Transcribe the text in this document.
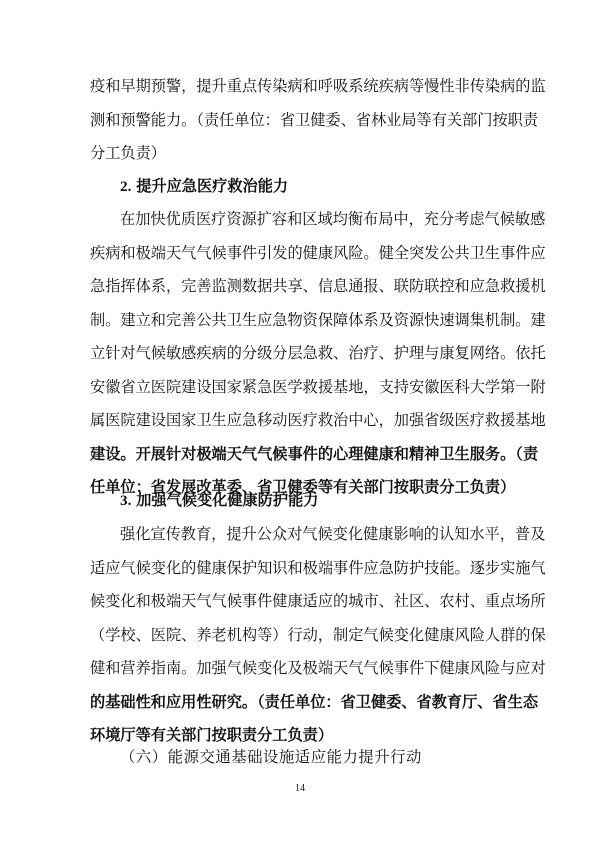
疫和早期预警，提升重点传染病和呼吸系统疾病等慢性非传染病的监
测和预警能力。（责任单位：省卫健委、省林业局等有关部门按职责
分工负责）
2. 提升应急医疗救治能力
在加快优质医疗资源扩容和区域均衡布局中，充分考虑气候敏感
疾病和极端天气气候事件引发的健康风险。健全突发公共卫生事件应
急指挥体系，完善监测数据共享、信息通报、联防联控和应急救援机
制。建立和完善公共卫生应急物资保障体系及资源快速调集机制。建
立针对气候敏感疾病的分级分层急救、治疗、护理与康复网络。依托
安徽省立医院建设国家紧急医学救援基地，支持安徽医科大学第一附
属医院建设国家卫生应急移动医疗救治中心，加强省级医疗救援基地
建设。开展针对极端天气气候事件的心理健康和精神卫生服务。（责
任单位：省发展改革委、省卫健委等有关部门按职责分工负责）
3. 加强气候变化健康防护能力
强化宣传教育，提升公众对气候变化健康影响的认知水平，普及
适应气候变化的健康保护知识和极端事件应急防护技能。逐步实施气
候变化和极端天气气候事件健康适应的城市、社区、农村、重点场所
（学校、医院、养老机构等）行动，制定气候变化健康风险人群的保
健和营养指南。加强气候变化及极端天气气候事件下健康风险与应对
的基础性和应用性研究。（责任单位：省卫健委、省教育厅、省生态
环境厅等有关部门按职责分工负责）
（六）能源交通基础设施适应能力提升行动
14
